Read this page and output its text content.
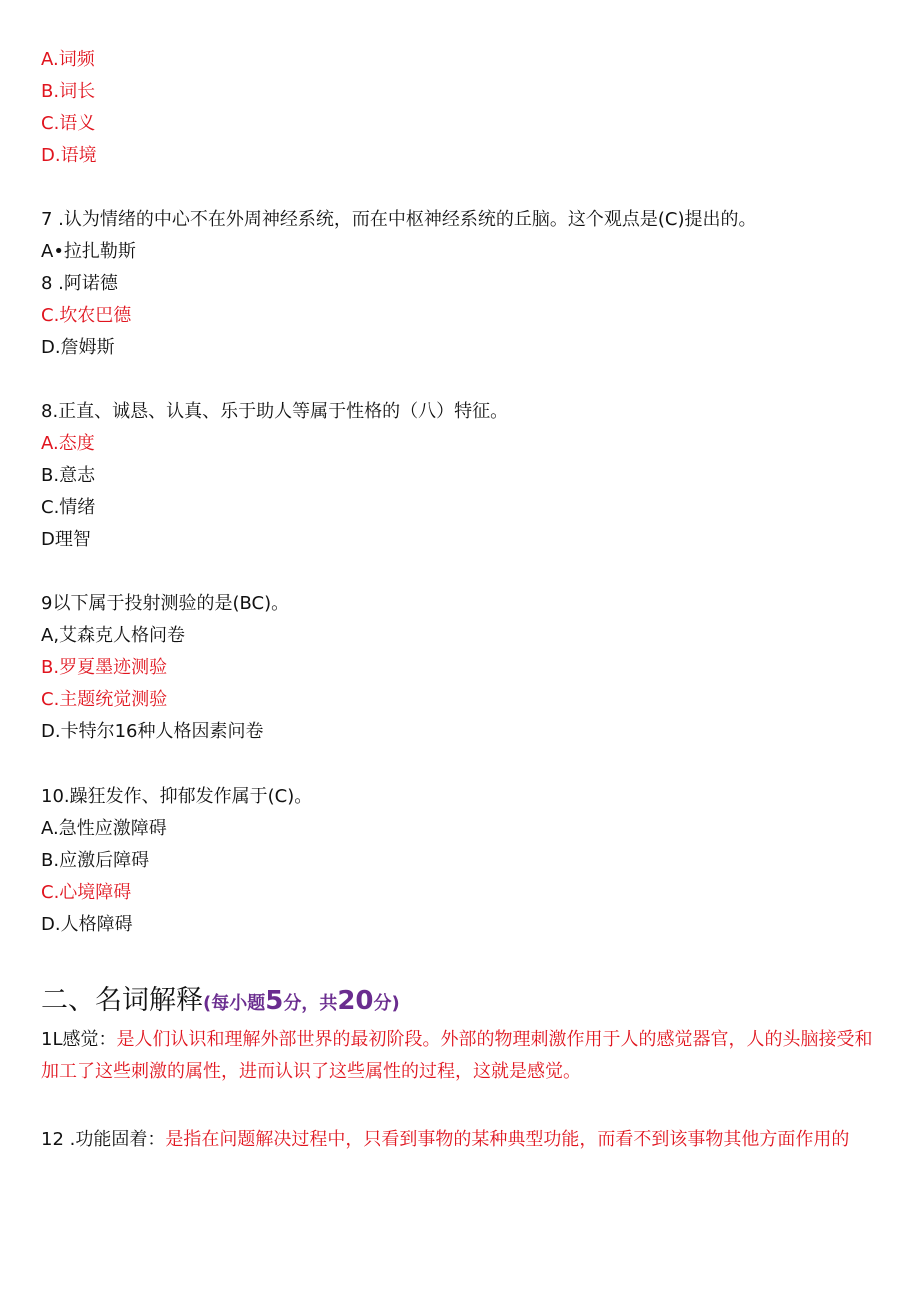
A.词频

B.词长

C.语义

D.语境

7 .认为情绪的中心不在外周神经系统，而在中枢神经系统的丘脑。这个观点是(C)提出的。

A•拉扎勒斯

8 .阿诺德

C.坎农巴德

D.詹姆斯

8.正直、诚恳、认真、乐于助人等属于性格的（八）特征。

A.态度

B.意志

C.情绪

D理智

9以下属于投射测验的是(BC)。

A,艾森克人格问卷

B.罗夏墨迹测验

C.主题统觉测验

D.卡特尔16种人格因素问卷

10.躁狂发作、抑郁发作属于(C)。

A.急性应激障碍

B.应激后障碍

C.心境障碍

D.人格障碍

二、名词解释(每小题5分，共20分)

1L感觉：是人们认识和理解外部世界的最初阶段。外部的物理刺激作用于人的感觉器官，人的头脑接受和加工了这些刺激的属性，进而认识了这些属性的过程，这就是感觉。

12 .功能固着：是指在问题解决过程中，只看到事物的某种典型功能，而看不到该事物其他方面作用的
